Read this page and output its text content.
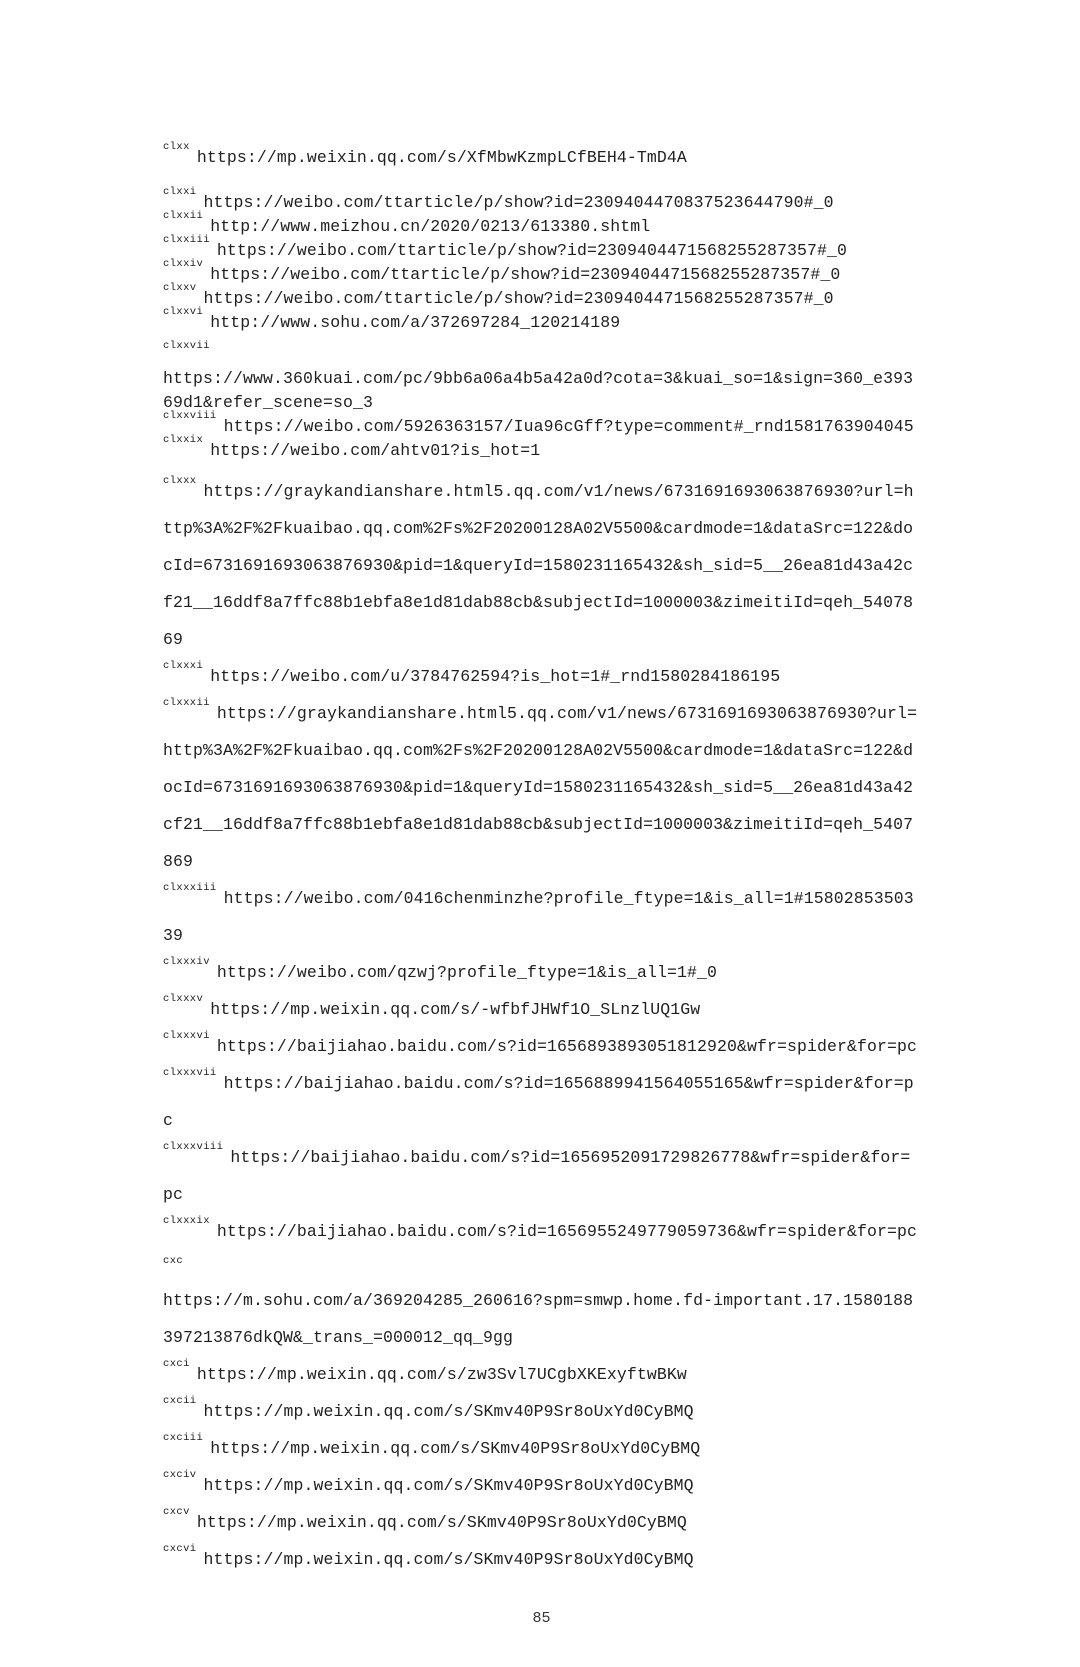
$^{clxx}$https://mp.weixin.qq.com/s/XfMbwKzmpLCfBEH4-TmD4A
$^{clxxi}$https://weibo.com/ttarticle/p/show?id=2309404470837523644790#_0
$^{clxxii}$http://www.meizhou.cn/2020/0213/613380.shtml
$^{clxxiii}$https://weibo.com/ttarticle/p/show?id=2309404471568255287357#_0
$^{clxxiv}$https://weibo.com/ttarticle/p/show?id=2309404471568255287357#_0
$^{clxxv}$https://weibo.com/ttarticle/p/show?id=2309404471568255287357#_0
$^{clxxvi}$http://www.sohu.com/a/372697284_120214189
clxxvii
https://www.360kuai.com/pc/9bb6a06a4b5a42a0d?cota=3&kuai_so=1&sign=360_e39369d1&refer_scene=so_3
$^{clxxviii}$https://weibo.com/5926363157/Iua96cGff?type=comment#_rnd1581763904045
$^{clxxix}$https://weibo.com/ahtv01?is_hot=1
$^{clxxx}$https://graykandianshare.html5.qq.com/v1/news/6731691693063876930?url=http%3A%2F%2Fkuaibao.qq.com%2Fs%2F20200128A02V5500&cardmode=1&dataSrc=122&docId=6731691693063876930&pid=1&queryId=1580231165432&sh_sid=5__26ea81d43a42cf21__16ddf8a7ffc88b1ebfa8e1d81dab88cb&subjectId=1000003&zimeitiId=qeh_5407869
$^{clxxxi}$https://weibo.com/u/3784762594?is_hot=1#_rnd1580284186195
$^{clxxxii}$https://graykandianshare.html5.qq.com/v1/news/6731691693063876930?url=http%3A%2F%2Fkuaibao.qq.com%2Fs%2F20200128A02V5500&cardmode=1&dataSrc=122&docId=6731691693063876930&pid=1&queryId=1580231165432&sh_sid=5__26ea81d43a42cf21__16ddf8a7ffc88b1ebfa8e1d81dab88cb&subjectId=1000003&zimeitiId=qeh_5407869
$^{clxxxiii}$https://weibo.com/0416chenminzhe?profile_ftype=1&is_all=1#1580285350339
$^{clxxxiv}$https://weibo.com/qzwj?profile_ftype=1&is_all=1#_0
$^{clxxxv}$https://mp.weixin.qq.com/s/-wfbfJHWf1O_SLnzlUQ1Gw
$^{clxxxvi}$https://baijiahao.baidu.com/s?id=1656893893051812920&wfr=spider&for=pc
$^{clxxxvii}$https://baijiahao.baidu.com/s?id=1656889941564055165&wfr=spider&for=pc
$^{clxxxviii}$https://baijiahao.baidu.com/s?id=1656952091729826778&wfr=spider&for=pc
$^{clxxxix}$https://baijiahao.baidu.com/s?id=1656955249779059736&wfr=spider&for=pc
cxc
https://m.sohu.com/a/369204285_260616?spm=smwp.home.fd-important.17.1580188397213876dkQW&_trans_=000012_qq_9gg
$^{cxci}$https://mp.weixin.qq.com/s/zw3Svl7UCgbXKExyftwBKw
$^{cxcii}$https://mp.weixin.qq.com/s/SKmv40P9Sr8oUxYd0CyBMQ
$^{cxciii}$https://mp.weixin.qq.com/s/SKmv40P9Sr8oUxYd0CyBMQ
$^{cxciv}$https://mp.weixin.qq.com/s/SKmv40P9Sr8oUxYd0CyBMQ
$^{cxcv}$https://mp.weixin.qq.com/s/SKmv40P9Sr8oUxYd0CyBMQ
$^{cxcvi}$https://mp.weixin.qq.com/s/SKmv40P9Sr8oUxYd0CyBMQ
85
